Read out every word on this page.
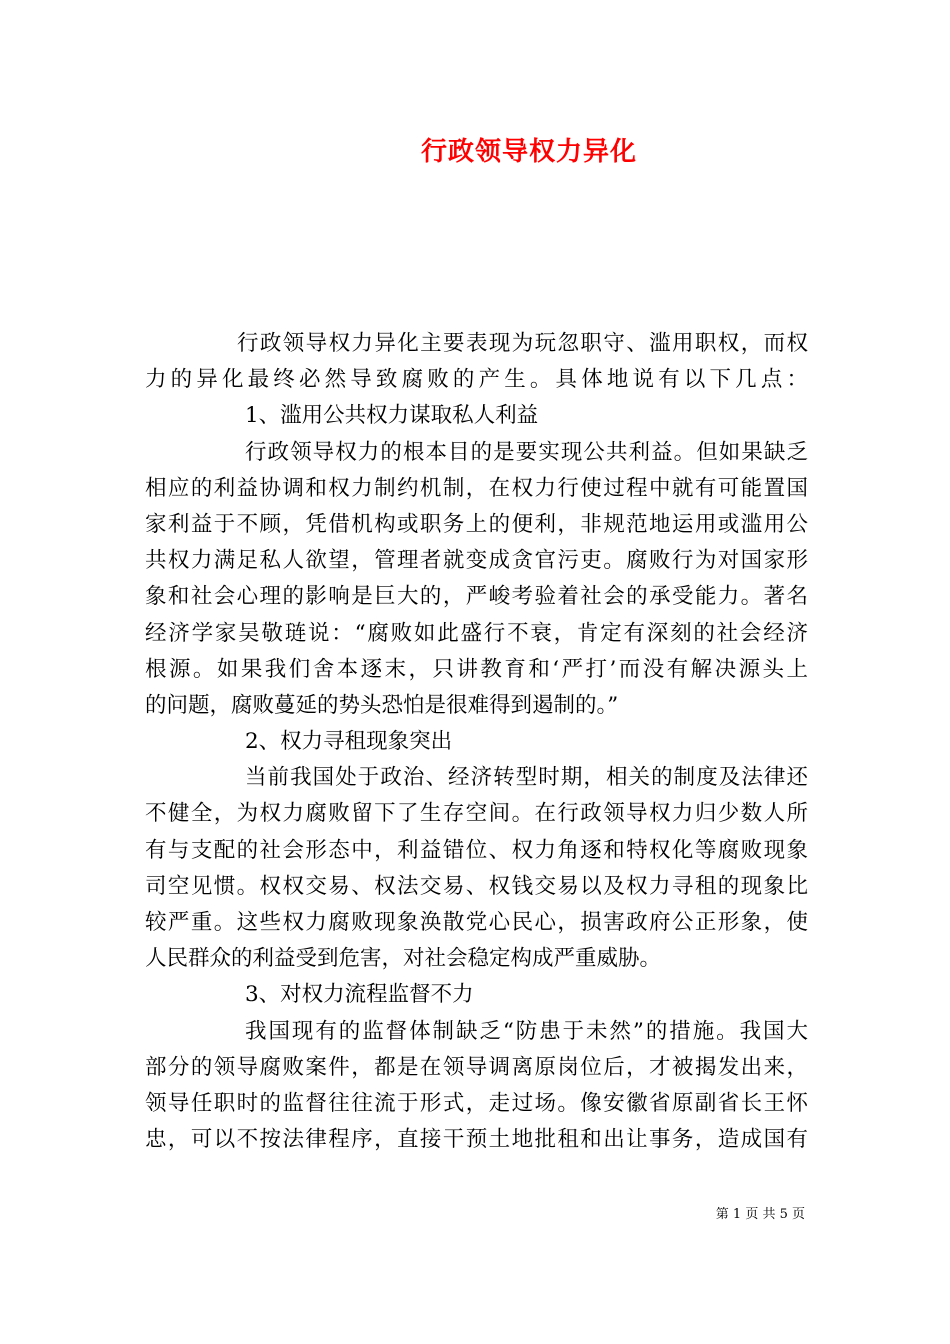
行政领导权力异化
行政领导权力异化主要表现为玩忽职守、滥用职权，而权
力的异化最终必然导致腐败的产生。具体地说有以下几点：
1、滥用公共权力谋取私人利益
行政领导权力的根本目的是要实现公共利益。但如果缺乏
相应的利益协调和权力制约机制，在权力行使过程中就有可能置国
家利益于不顾，凭借机构或职务上的便利，非规范地运用或滥用公
共权力满足私人欲望，管理者就变成贪官污吏。腐败行为对国家形
象和社会心理的影响是巨大的，严峻考验着社会的承受能力。著名
经济学家吴敬琏说：“腐败如此盛行不衰，肯定有深刻的社会经济
根源。如果我们舍本逐末，只讲教育和‘严打’而没有解决源头上
的问题，腐败蔓延的势头恐怕是很难得到遏制的。”
2、权力寻租现象突出
当前我国处于政治、经济转型时期，相关的制度及法律还
不健全，为权力腐败留下了生存空间。在行政领导权力归少数人所
有与支配的社会形态中，利益错位、权力角逐和特权化等腐败现象
司空见惯。权权交易、权法交易、权钱交易以及权力寻租的现象比
较严重。这些权力腐败现象涣散党心民心，损害政府公正形象，使
人民群众的利益受到危害，对社会稳定构成严重威胁。
3、对权力流程监督不力
我国现有的监督体制缺乏“防患于未然”的措施。我国大
部分的领导腐败案件，都是在领导调离原岗位后，才被揭发出来，
领导任职时的监督往往流于形式，走过场。像安徽省原副省长王怀
忠，可以不按法律程序，直接干预土地批租和出让事务，造成国有
第 1 页 共 5 页
